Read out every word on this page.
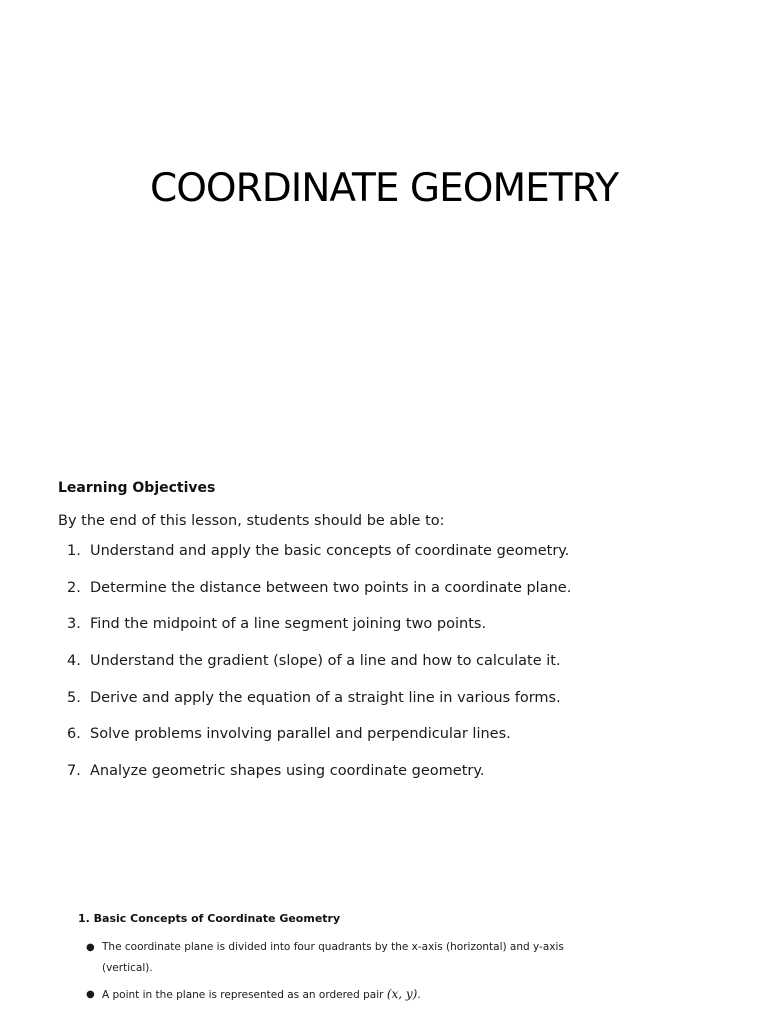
COORDINATE GEOMETRY
Learning Objectives

By the end of this lesson, students should be able to:

1. Understand and apply the basic concepts of coordinate geometry.
2. Determine the distance between two points in a coordinate plane.
3. Find the midpoint of a line segment joining two points.
4. Understand the gradient (slope) of a line and how to calculate it.
5. Derive and apply the equation of a straight line in various forms.
6. Solve problems involving parallel and perpendicular lines.
7. Analyze geometric shapes using coordinate geometry.
1. Basic Concepts of Coordinate Geometry
● The coordinate plane is divided into four quadrants by the x-axis (horizontal) and y-axis (vertical).
● A point in the plane is represented as an ordered pair (x, y).
